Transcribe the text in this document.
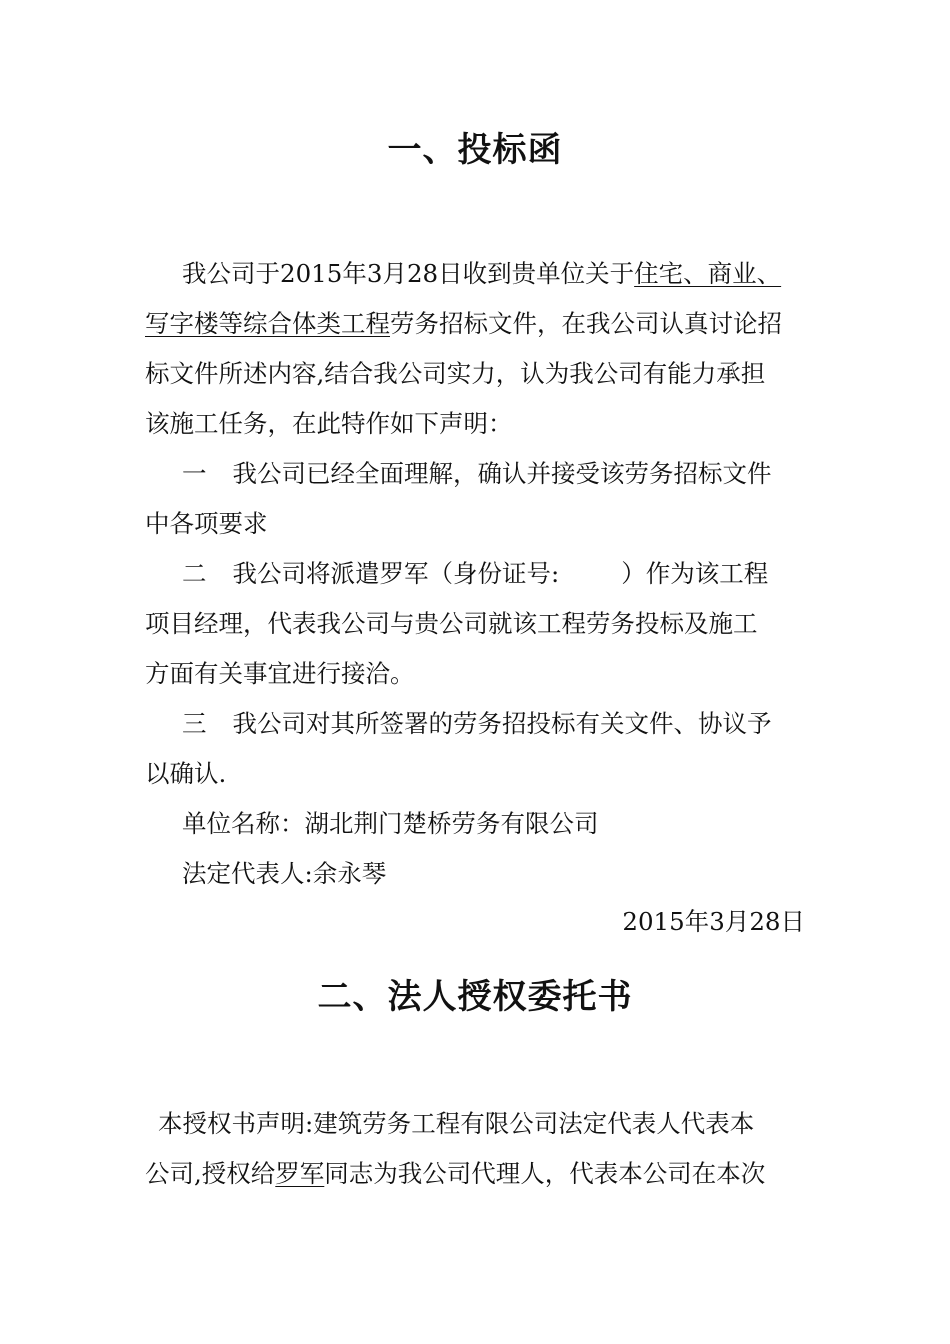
一、投标函
我公司于2015年3月28日收到贵单位关于住宅、商业、
写字楼等综合体类工程劳务招标文件，在我公司认真讨论招
标文件所述内容,结合我公司实力，认为我公司有能力承担
该施工任务，在此特作如下声明：
一 我公司已经全面理解，确认并接受该劳务招标文件
中各项要求
二 我公司将派遣罗军（身份证号:	）作为该工程
项目经理，代表我公司与贵公司就该工程劳务投标及施工
方面有关事宜进行接洽。
三 我公司对其所签署的劳务招投标有关文件、协议予
以确认.
单位名称：湖北荆门楚桥劳务有限公司
法定代表人:余永琴
2015年3月28日
二、法人授权委托书
本授权书声明:建筑劳务工程有限公司法定代表人代表本
公司,授权给罗军同志为我公司代理人，代表本公司在本次
